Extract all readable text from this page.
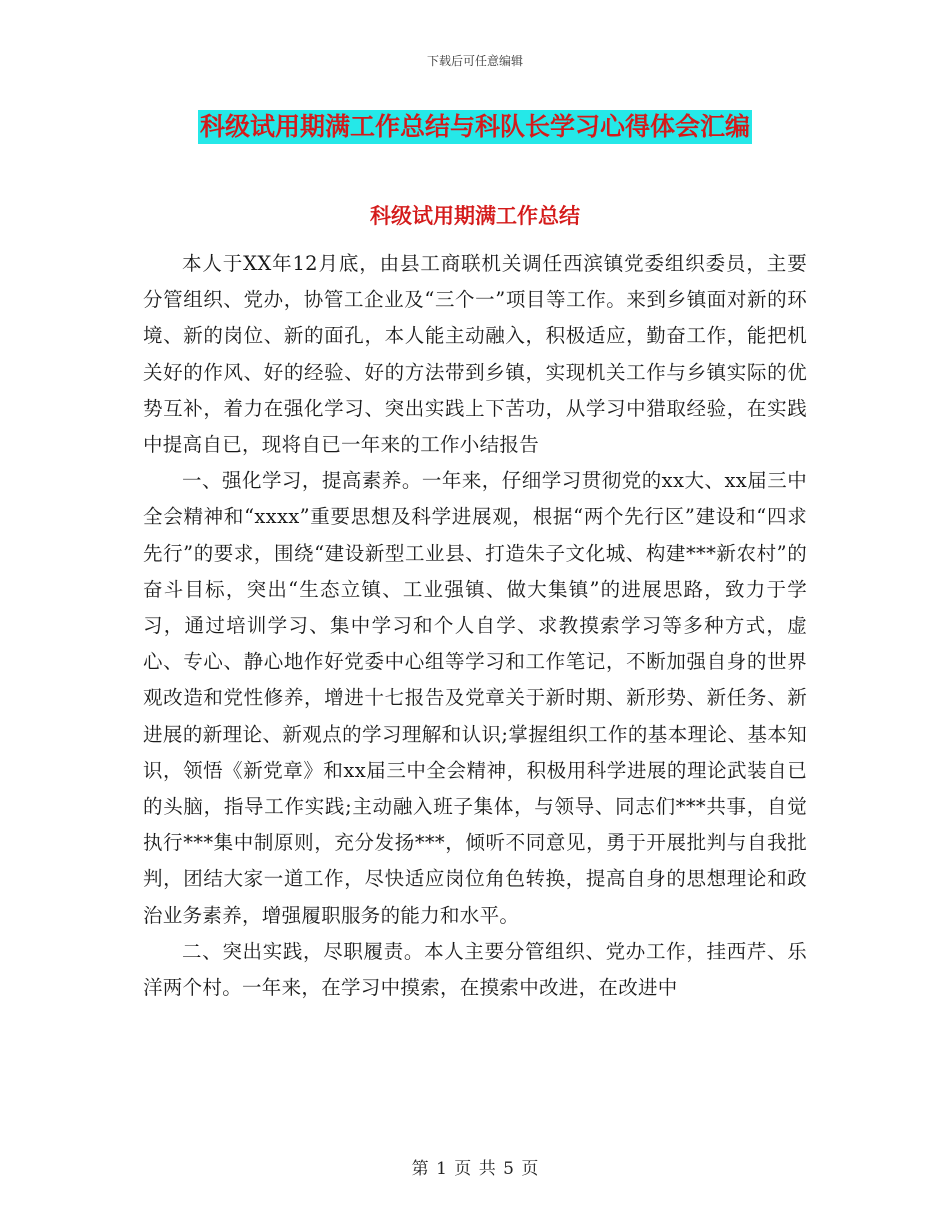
下载后可任意编辑
科级试用期满工作总结与科队长学习心得体会汇编
科级试用期满工作总结

本人于XX年12月底，由县工商联机关调任西滨镇党委组织委员，主要分管组织、党办，协管工企业及“三个一”项目等工作。来到乡镇面对新的环境、新的岗位、新的面孔，本人能主动融入，积极适应，勤奋工作，能把机关好的作风、好的经验、好的方法带到乡镇，实现机关工作与乡镇实际的优势互补，着力在强化学习、突出实践上下苦功，从学习中猎取经验，在实践中提高自已，现将自已一年来的工作小结报告

一、强化学习，提高素养。一年来，仔细学习贯彻党的xx大、xx届三中全会精神和“xxxx”重要思想及科学进展观，根据“两个先行区”建设和“四求先行”的要求，围绕“建设新型工业县、打造朱子文化城、构建***新农村”的奋斗目标，突出“生态立镇、工业强镇、做大集镇”的进展思路，致力于学习，通过培训学习、集中学习和个人自学、求教摸索学习等多种方式，虚心、专心、静心地作好党委中心组等学习和工作笔记，不断加强自身的世界观改造和党性修养，增进十七报告及党章关于新时期、新形势、新任务、新进展的新理论、新观点的学习理解和认识;掌握组织工作的基本理论、基本知识，领悟《新党章》和xx届三中全会精神，积极用科学进展的理论武装自已的头脑，指导工作实践;主动融入班子集体，与领导、同志们***共事，自觉执行***集中制原则，充分发扬***，倾听不同意见，勇于开展批判与自我批判，团结大家一道工作，尽快适应岗位角色转换，提高自身的思想理论和政治业务素养，增强履职服务的能力和水平。

二、突出实践，尽职履责。本人主要分管组织、党办工作，挂西芹、乐洋两个村。一年来，在学习中摸索，在摸索中改进，在改进中

第 1 页 共 5 页
